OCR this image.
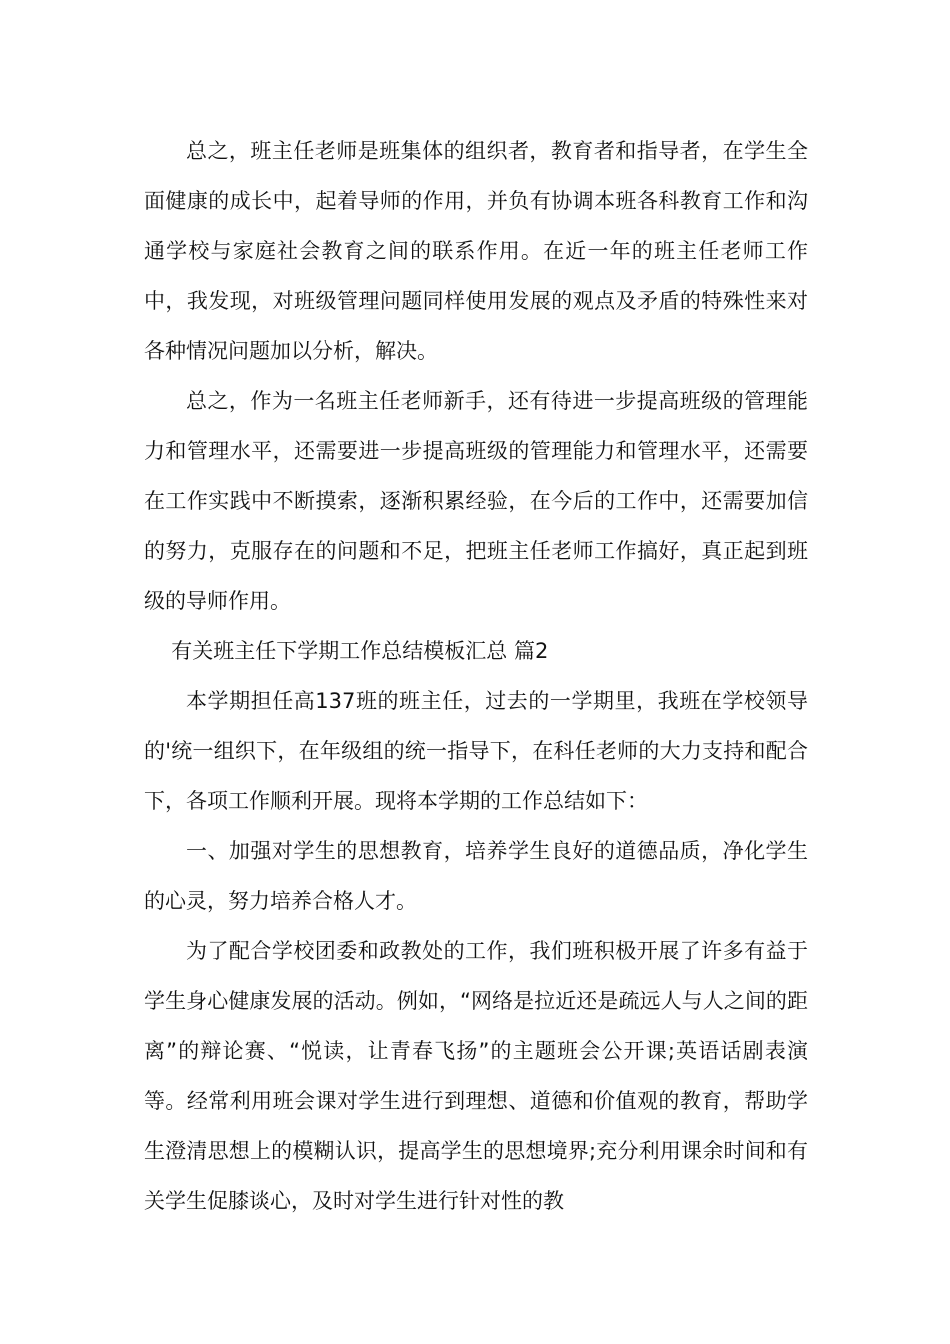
总之，班主任老师是班集体的组织者，教育者和指导者，在学生全面健康的成长中，起着导师的作用，并负有协调本班各科教育工作和沟通学校与家庭社会教育之间的联系作用。在近一年的班主任老师工作中，我发现，对班级管理问题同样使用发展的观点及矛盾的特殊性来对各种情况问题加以分析，解决。

总之，作为一名班主任老师新手，还有待进一步提高班级的管理能力和管理水平，还需要进一步提高班级的管理能力和管理水平，还需要在工作实践中不断摸索，逐渐积累经验，在今后的工作中，还需要加信的努力，克服存在的问题和不足，把班主任老师工作搞好，真正起到班级的导师作用。

有关班主任下学期工作总结模板汇总 篇2

本学期担任高137班的班主任，过去的一学期里，我班在学校领导的'统一组织下，在年级组的统一指导下，在科任老师的大力支持和配合下，各项工作顺利开展。现将本学期的工作总结如下：

一、加强对学生的思想教育，培养学生良好的道德品质，净化学生的心灵，努力培养合格人才。

为了配合学校团委和政教处的工作，我们班积极开展了许多有益于学生身心健康发展的活动。例如，“网络是拉近还是疏远人与人之间的距离”的辩论赛、“悦读，让青春飞扬”的主题班会公开课;英语话剧表演等。经常利用班会课对学生进行到理想、道德和价值观的教育，帮助学生澄清思想上的模糊认识，提高学生的思想境界;充分利用课余时间和有关学生促膝谈心，及时对学生进行针对性的教
